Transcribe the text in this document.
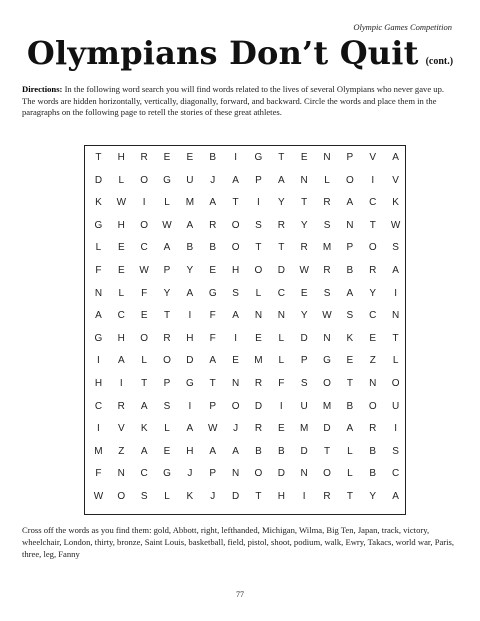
Olympic Games Competition
Olympians Don’t Quit (cont.)
Directions: In the following word search you will find words related to the lives of several Olympians who never gave up. The words are hidden horizontally, vertically, diagonally, forward, and backward. Circle the words and place them in the paragraphs on the following page to retell the stories of these great athletes.
T	H	R	E	E	B	I	G	T	E	N	P	V	A
D	L	O	G	U	J	A	P	A	N	L	O	I	V
K	W	I	L	M	A	T	I	Y	T	R	A	C	K
G	H	O	W	A	R	O	S	R	Y	S	N	T	W
L	E	C	A	B	B	O	T	T	R	M	P	O	S
F	E	W	P	Y	E	H	O	D	W	R	B	R	A
N	L	F	Y	A	G	S	L	C	E	S	A	Y	I
A	C	E	T	I	F	A	N	N	Y	W	S	C	N
G	H	O	R	H	F	I	E	L	D	N	K	E	T
I	A	L	O	D	A	E	M	L	P	G	E	Z	L
H	I	T	P	G	T	N	R	F	S	O	T	N	O
C	R	A	S	I	P	O	D	I	U	M	B	O	U
I	V	K	L	A	W	J	R	E	M	D	A	R	I
M	Z	A	E	H	A	A	B	B	D	T	L	B	S
F	N	C	G	J	P	N	O	D	N	O	L	B	C
W	O	S	L	K	J	D	T	H	I	R	T	Y	A
Cross off the words as you find them: gold, Abbott, right, lefthanded, Michigan, Wilma, Big Ten, Japan, track, victory, wheelchair, London, thirty, bronze, Saint Louis, basketball, field, pistol, shoot, podium, walk, Ewry, Takacs, world war, Paris, three, leg, Fanny
77
